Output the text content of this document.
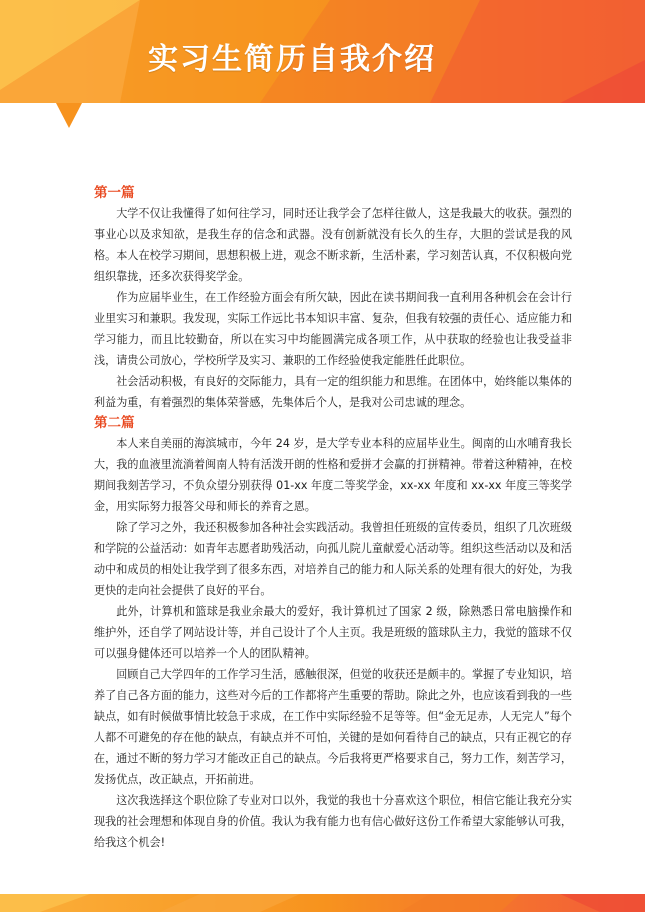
实习生简历自我介绍
第一篇

大学不仅让我懂得了如何往学习，同时还让我学会了怎样往做人，这是我最大的收获。强烈的事业心以及求知欲，是我生存的信念和武器。没有创新就没有长久的生存，大胆的尝试是我的风格。本人在校学习期间，思想积极上进，观念不断求新，生活朴素，学习刻苦认真，不仅积极向党组织靠拢，还多次获得奖学金。

作为应届毕业生，在工作经验方面会有所欠缺，因此在读书期间我一直利用各种机会在会计行业里实习和兼职。我发现，实际工作远比书本知识丰富、复杂，但我有较强的责任心、适应能力和学习能力，而且比较勤奋，所以在实习中均能圆满完成各项工作，从中获取的经验也让我受益非浅，请贵公司放心，学校所学及实习、兼职的工作经验使我定能胜任此职位。

社会活动积极，有良好的交际能力，具有一定的组织能力和思维。在团体中，始终能以集体的利益为重，有着强烈的集体荣誉感，先集体后个人，是我对公司忠诚的理念。

第二篇

本人来自美丽的海滨城市，今年 24 岁，是大学专业本科的应届毕业生。闽南的山水哺育我长大，我的血液里流淌着闽南人特有活泼开朗的性格和爱拼才会赢的打拼精神。带着这种精神，在校期间我刻苦学习，不负众望分别获得 01-xx 年度二等奖学金，xx-xx 年度和 xx-xx 年度三等奖学金，用实际努力报答父母和师长的养育之恩。

除了学习之外，我还积极参加各种社会实践活动。我曾担任班级的宣传委员，组织了几次班级和学院的公益活动：如青年志愿者助残活动，向孤儿院儿童献爱心活动等。组织这些活动以及和活动中和成员的相处让我学到了很多东西，对培养自己的能力和人际关系的处理有很大的好处，为我更快的走向社会提供了良好的平台。

此外，计算机和篮球是我业余最大的爱好，我计算机过了国家 2 级，除熟悉日常电脑操作和维护外，还自学了网站设计等，并自己设计了个人主页。我是班级的篮球队主力，我觉的篮球不仅可以强身健体还可以培养一个人的团队精神。

回顾自己大学四年的工作学习生活，感触很深，但觉的收获还是颇丰的。掌握了专业知识，培养了自己各方面的能力，这些对今后的工作都将产生重要的帮助。除此之外，也应该看到我的一些缺点，如有时候做事情比较急于求成，在工作中实际经验不足等等。但“金无足赤，人无完人”每个人都不可避免的存在他的缺点，有缺点并不可怕，关键的是如何看待自己的缺点，只有正视它的存在，通过不断的努力学习才能改正自己的缺点。今后我将更严格要求自己，努力工作，刻苦学习，发扬优点，改正缺点，开拓前进。

这次我选择这个职位除了专业对口以外，我觉的我也十分喜欢这个职位，相信它能让我充分实现我的社会理想和体现自身的价值。我认为我有能力也有信心做好这份工作希望大家能够认可我，给我这个机会!
